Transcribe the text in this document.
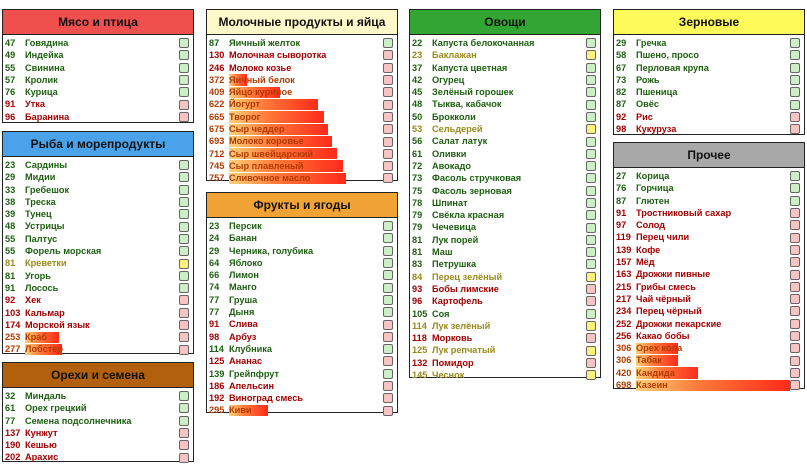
Мясо и птица
47	Говядина
49	Индейка
55	Свинина
57	Кролик
76	Курица
91	Утка
96	Баранина
Рыба и морепродукты
23	Сардины
29	Мидии
33	Гребешок
38	Треска
39	Тунец
48	Устрицы
55	Палтус
55	Форель морская
81	Креветки
81	Угорь
91	Лосось
92	Хек
103 Кальмар
174 Морской язык
253 Краб
277 Лобстер
Орехи и семена
32	Миндаль
61	Орех грецкий
77	Семена подсолнечника
137 Кунжут
190 Кешью
202 Арахис
Молочные продукты и яйца
87	Яичный желток
130 Молочная сыворотка
246 Молоко козье
372 Яичный белок
409 Яйцо куриное
622 Йогурт
665 Творог
675 Сыр чеддер
693 Молоко коровье
712 Сыр швейцарский
745 Сыр плавленый
757 Сливочное масло
Фрукты и ягоды
23	Персик
24	Банан
29	Черника, голубика
64	Яблоко
66	Лимон
74	Манго
77	Груша
77	Дыня
91	Слива
98	Арбуз
114 Клубника
125 Ананас
139 Грейпфрут
186 Апельсин
192 Виноград смесь
295 Киви
Овощи
22	Капуста белокочанная
23	Баклажан
37	Капуста цветная
42	Огурец
45	Зелёный горошек
48	Тыква, кабачок
50	Брокколи
53	Сельдерей
56	Салат латук
61	Оливки
72	Авокадо
73	Фасоль стручковая
75	Фасоль зерновая
78	Шпинат
79	Свёкла красная
79	Чечевица
81	Лук порей
81	Маш
83	Петрушка
84	Перец зелёный
93	Бобы лимские
96	Картофель
105 Соя
114 Лук зелёный
118 Морковь
125 Лук репчатый
132 Помидор
145 Чеснок
Зерновые
29	Гречка
58	Пшено, просо
67	Перловая крупа
73	Рожь
82	Пшеница
87	Овёс
92	Рис
98	Кукуруза
Прочее
27	Корица
76	Горчица
87	Глютен
91	Тростниковый сахар
97	Солод
119 Перец чили
139 Кофе
157 Мёд
163 Дрожжи пивные
215 Грибы смесь
217 Чай чёрный
234 Перец чёрный
252 Дрожжи пекарские
256 Какао бобы
306 Орех кола
306 Табак
420 Кандида
698 Казеин
